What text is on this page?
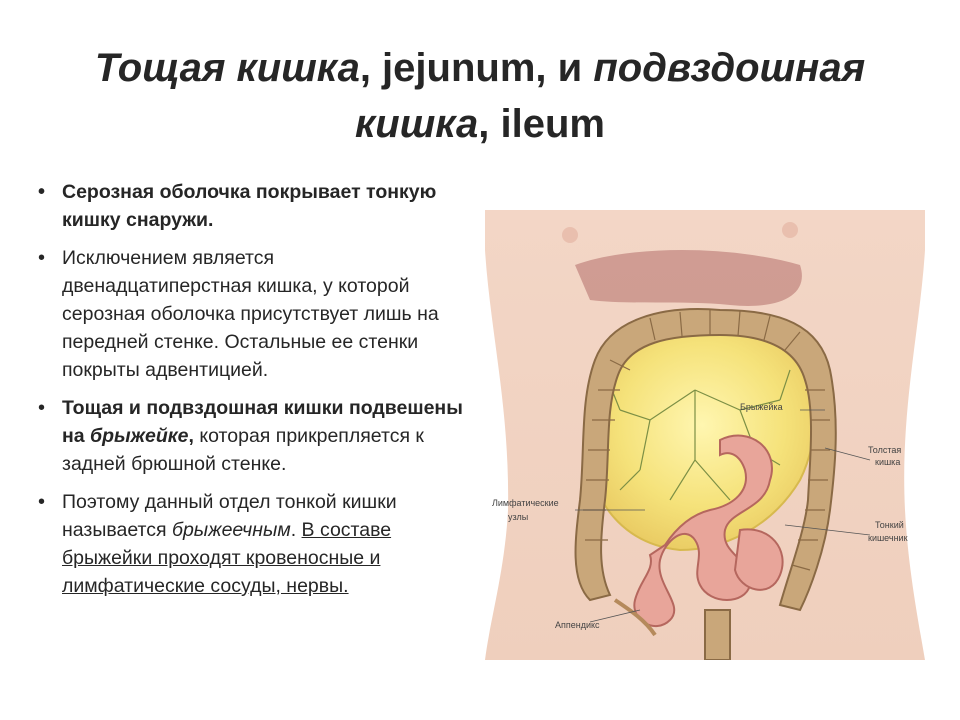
Тощая кишка, jejunum, и подвздошная кишка, ileum
• Серозная оболочка покрывает тонкую кишку снаружи.
• Исключением является двенадцатиперстная кишка, у которой серозная оболочка присутствует лишь на передней стенке. Остальные ее стенки покрыты адвентицией.
• Тощая и подвздошная кишки подвешены на брыжейке, которая прикрепляется к задней брюшной стенке.
• Поэтому данный отдел тонкой кишки называется брыжеечным. В составе брыжейки проходят кровеносные и лимфатические сосуды, нервы.
Брыжейка
Толстая
кишка
Лимфатические
узлы
Тонкий
кишечник
Аппендикс
